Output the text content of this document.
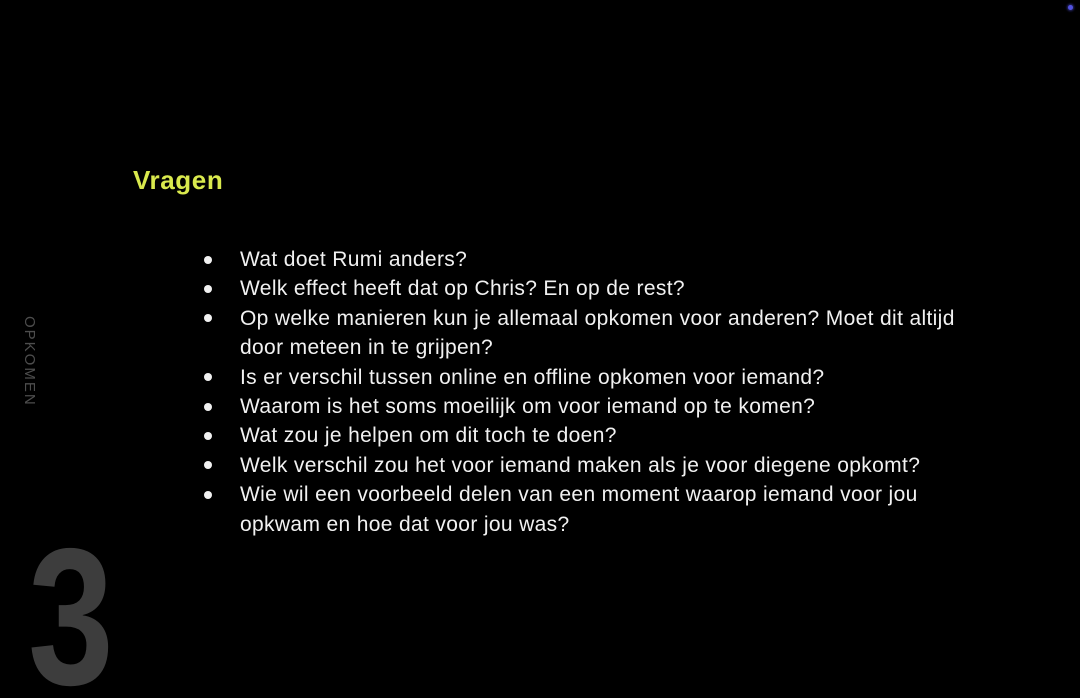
OPKOMEN
3
Vragen
Wat doet Rumi anders?
Welk effect heeft dat op Chris? En op de rest?
Op welke manieren kun je allemaal opkomen voor anderen? Moet dit altijd door meteen in te grijpen?
Is er verschil tussen online en offline opkomen voor iemand?
Waarom is het soms moeilijk om voor iemand op te komen?
Wat zou je helpen om dit toch te doen?
Welk verschil zou het voor iemand maken als je voor diegene opkomt?
Wie wil een voorbeeld delen van een moment waarop iemand voor jou opkwam en hoe dat voor jou was?
